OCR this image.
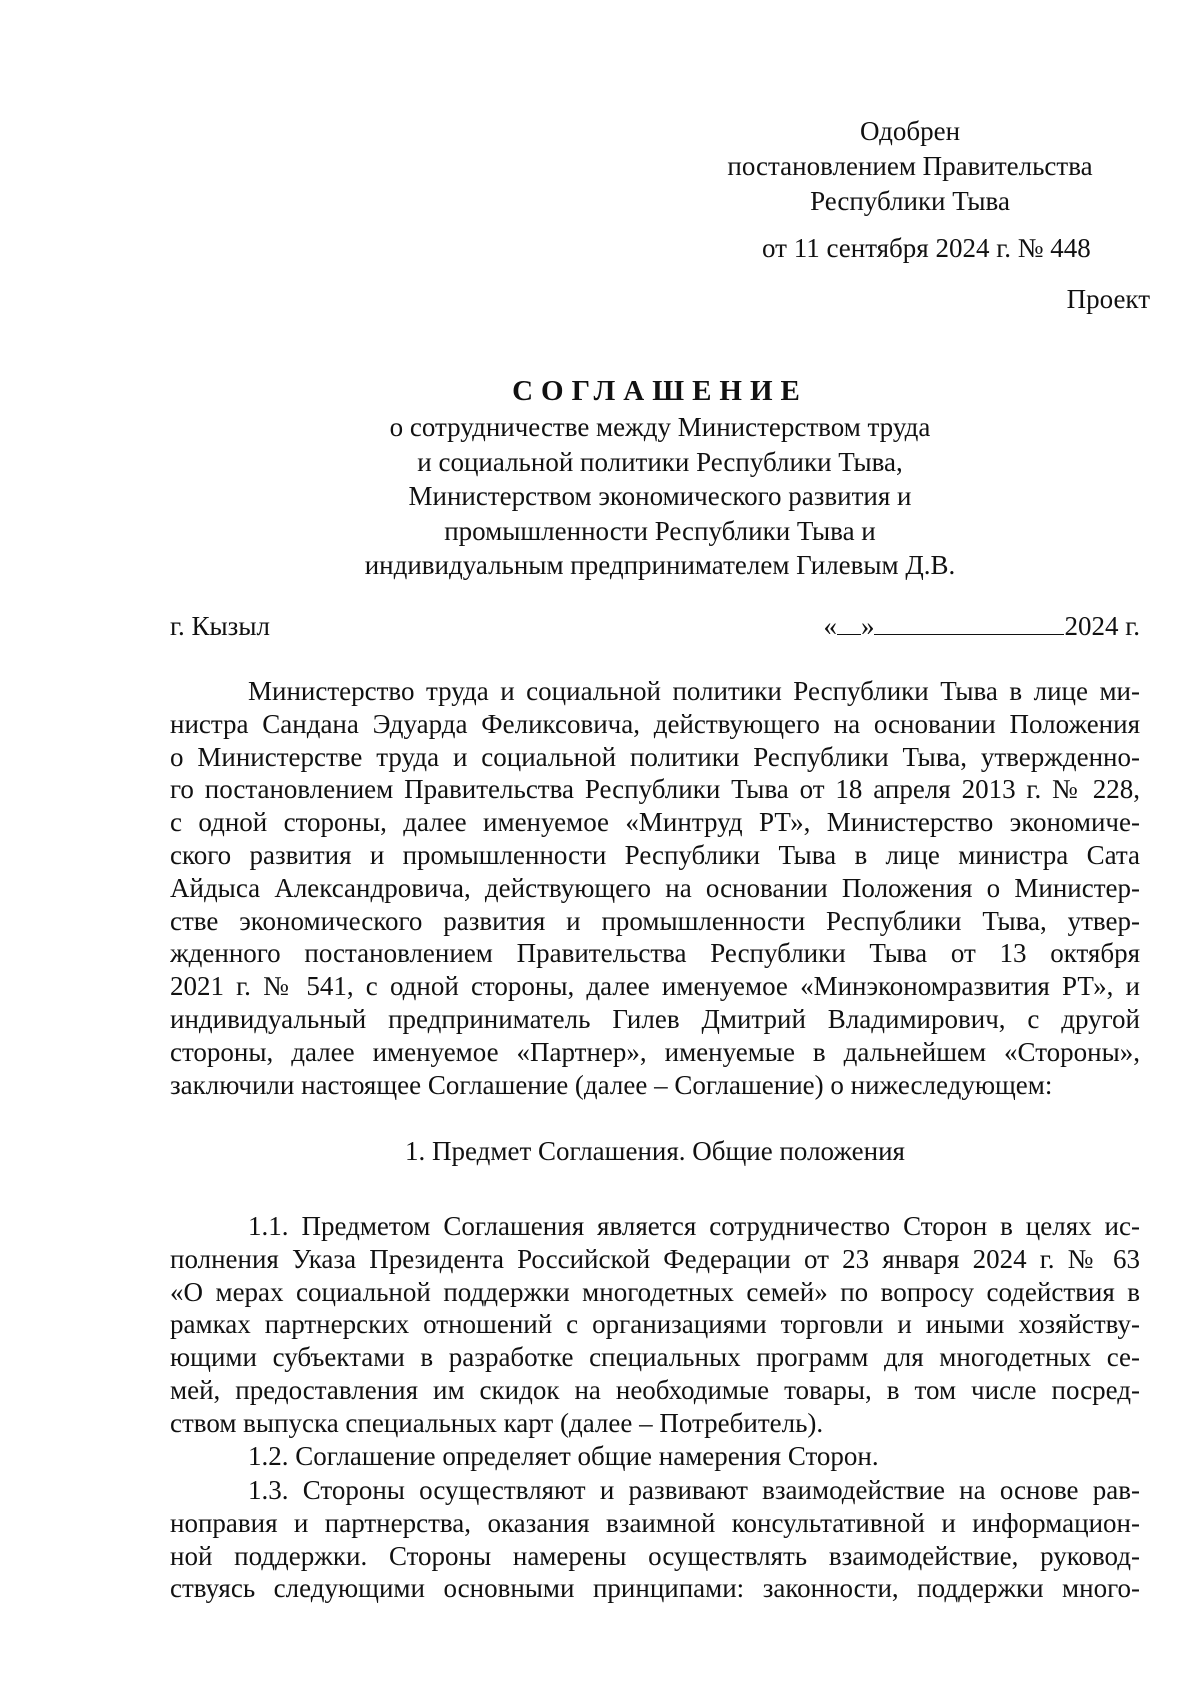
Одобрен
постановлением Правительства
Республики Тыва
от 11 сентября 2024 г. № 448
Проект
СОГЛАШЕНИЕ
о сотрудничестве между Министерством труда
и социальной политики Республики Тыва,
Министерством экономического развития и
промышленности Республики Тыва и
индивидуальным предпринимателем Гилевым Д.В.
г. Кызыл	« »	2024 г.
Министерство труда и социальной политики Республики Тыва в лице ми-
нистра Сандана Эдуарда Феликсовича, действующего на основании Положения
о Министерстве труда и социальной политики Республики Тыва, утвержденно-
го постановлением Правительства Республики Тыва от 18 апреля 2013 г. № 228,
с одной стороны, далее именуемое «Минтруд РТ», Министерство экономиче-
ского развития и промышленности Республики Тыва в лице министра Сата
Айдыса Александровича, действующего на основании Положения о Министер-
стве экономического развития и промышленности Республики Тыва, утвер-
жденного постановлением Правительства Республики Тыва от 13 октября
2021 г. № 541, с одной стороны, далее именуемое «Минэкономразвития РТ», и
индивидуальный предприниматель Гилев Дмитрий Владимирович, с другой
стороны, далее именуемое «Партнер», именуемые в дальнейшем «Стороны»,
заключили настоящее Соглашение (далее – Соглашение) о нижеследующем:
1. Предмет Соглашения. Общие положения
1.1. Предметом Соглашения является сотрудничество Сторон в целях ис-
полнения Указа Президента Российской Федерации от 23 января 2024 г. № 63
«О мерах социальной поддержки многодетных семей» по вопросу содействия в
рамках партнерских отношений с организациями торговли и иными хозяйству-
ющими субъектами в разработке специальных программ для многодетных се-
мей, предоставления им скидок на необходимые товары, в том числе посред-
ством выпуска специальных карт (далее – Потребитель).
1.2. Соглашение определяет общие намерения Сторон.
1.3. Стороны осуществляют и развивают взаимодействие на основе рав-
ноправия и партнерства, оказания взаимной консультативной и информацион-
ной поддержки. Стороны намерены осуществлять взаимодействие, руковод-
ствуясь следующими основными принципами: законности, поддержки много-
